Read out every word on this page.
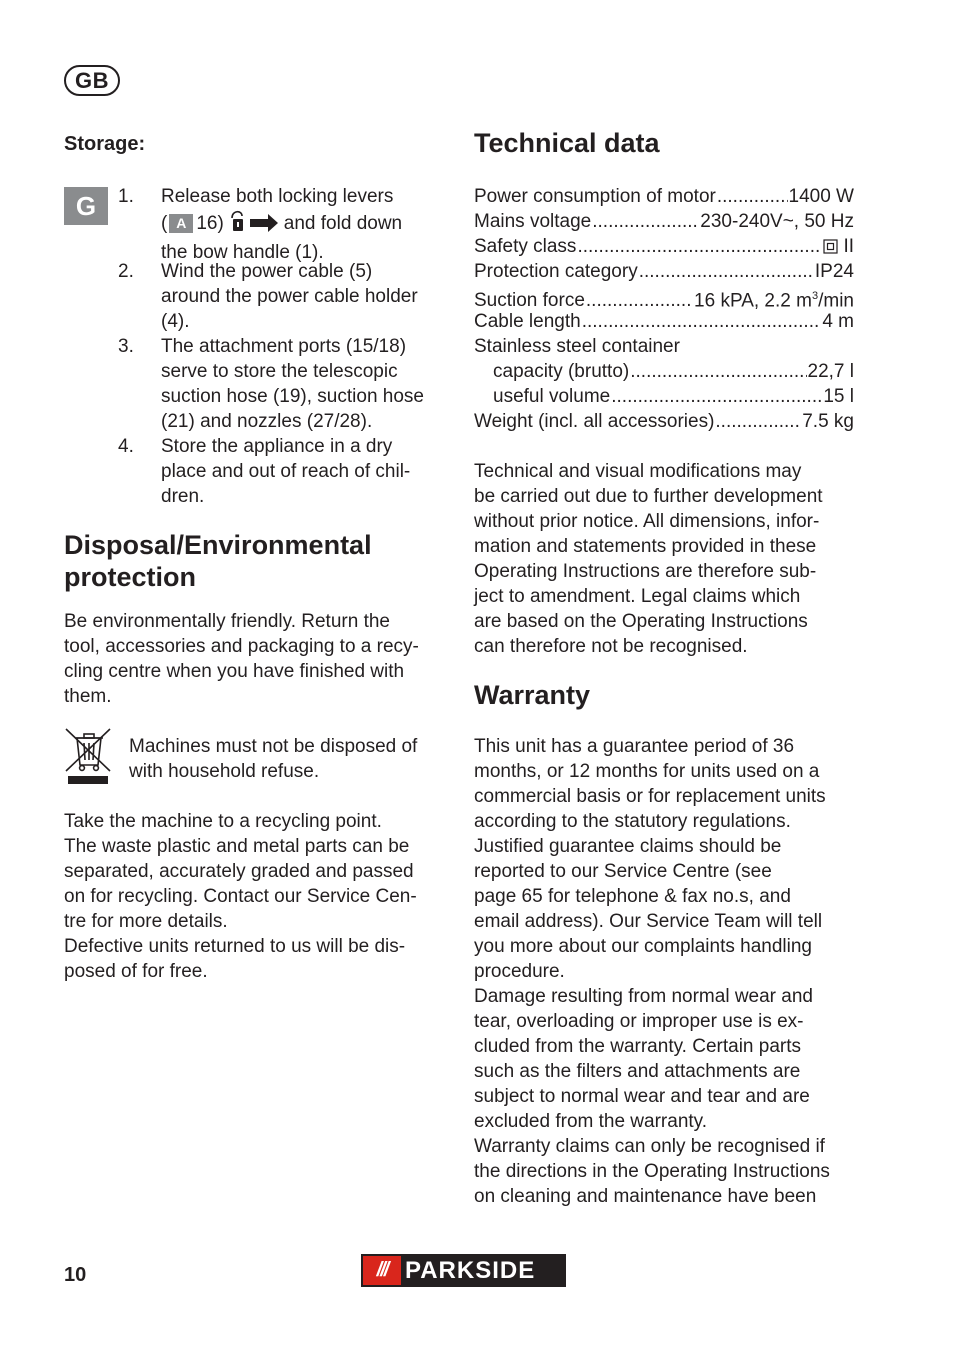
GB
Storage:
G	1.	Release both locking levers
( A 16)	and fold down
the bow handle (1).
2.	Wind the power cable (5)
around the power cable holder
(4).
3.	The attachment ports (15/18)
serve to store the telescopic
suction hose (19), suction hose
(21) and nozzles (27/28).
4.	Store the appliance in a dry
place and out of reach of chil-
dren.
Disposal/Environmental
protection
Be environmentally friendly. Return the
tool, accessories and packaging to a recy-
cling centre when you have finished with
them.
Machines must not be disposed of
with household refuse.
Take the machine to a recycling point.
The waste plastic and metal parts can be
separated, accurately graded and passed
on for recycling. Contact our Service Cen-
tre for more details.
Defective units returned to us will be dis-
posed of for free.
Technical data
Power consumption of motor .....	1400 W
Mains voltage .....	230-240V~, 50 Hz
Safety class .....	II
Protection category .....	IP24
Suction force .....	16 kPA, 2.2 $m^3/\min$
Cable length .....	4 m
Stainless steel container
capacity (brutto) .....	22,7 l
useful volume .....	15 l
Weight (incl. all accessories) .....	7.5 kg
Technical and visual modifications may
be carried out due to further development
without prior notice. All dimensions, infor-
mation and statements provided in these
Operating Instructions are therefore sub-
ject to amendment. Legal claims which
are based on the Operating Instructions
can therefore not be recognised.
Warranty
This unit has a guarantee period of 36
months, or 12 months for units used on a
commercial basis or for replacement units
according to the statutory regulations.
Justified guarantee claims should be
reported to our Service Centre (see
page 65 for telephone & fax no.s, and
email address). Our Service Team will tell
you more about our complaints handling
procedure.
Damage resulting from normal wear and
tear, overloading or improper use is ex-
cluded from the warranty. Certain parts
such as the filters and attachments are
subject to normal wear and tear and are
excluded from the warranty.
Warranty claims can only be recognised if
the directions in the Operating Instructions
on cleaning and maintenance have been
10	/// PARKSIDE
